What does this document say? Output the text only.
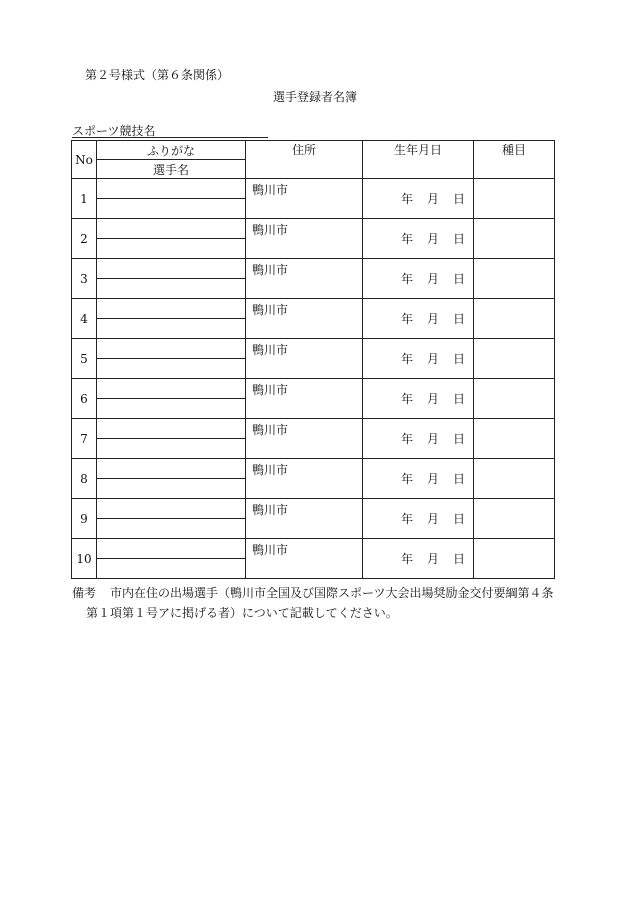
第２号様式（第６条関係）
選手登録者名簿
スポーツ競技名
No	ふりがな	住所	生年月日	種目
	選手名			
1		鴨川市	年 月 日	

2		鴨川市	年 月 日	

3		鴨川市	年 月 日	

4		鴨川市	年 月 日	

5		鴨川市	年 月 日	

6		鴨川市	年 月 日	

7		鴨川市	年 月 日	

8		鴨川市	年 月 日	

9		鴨川市	年 月 日	

10		鴨川市	年 月 日	

備考 市内在住の出場選手（鴨川市全国及び国際スポーツ大会出場奨励金交付要綱第４条
第１項第１号アに掲げる者）について記載してください。
